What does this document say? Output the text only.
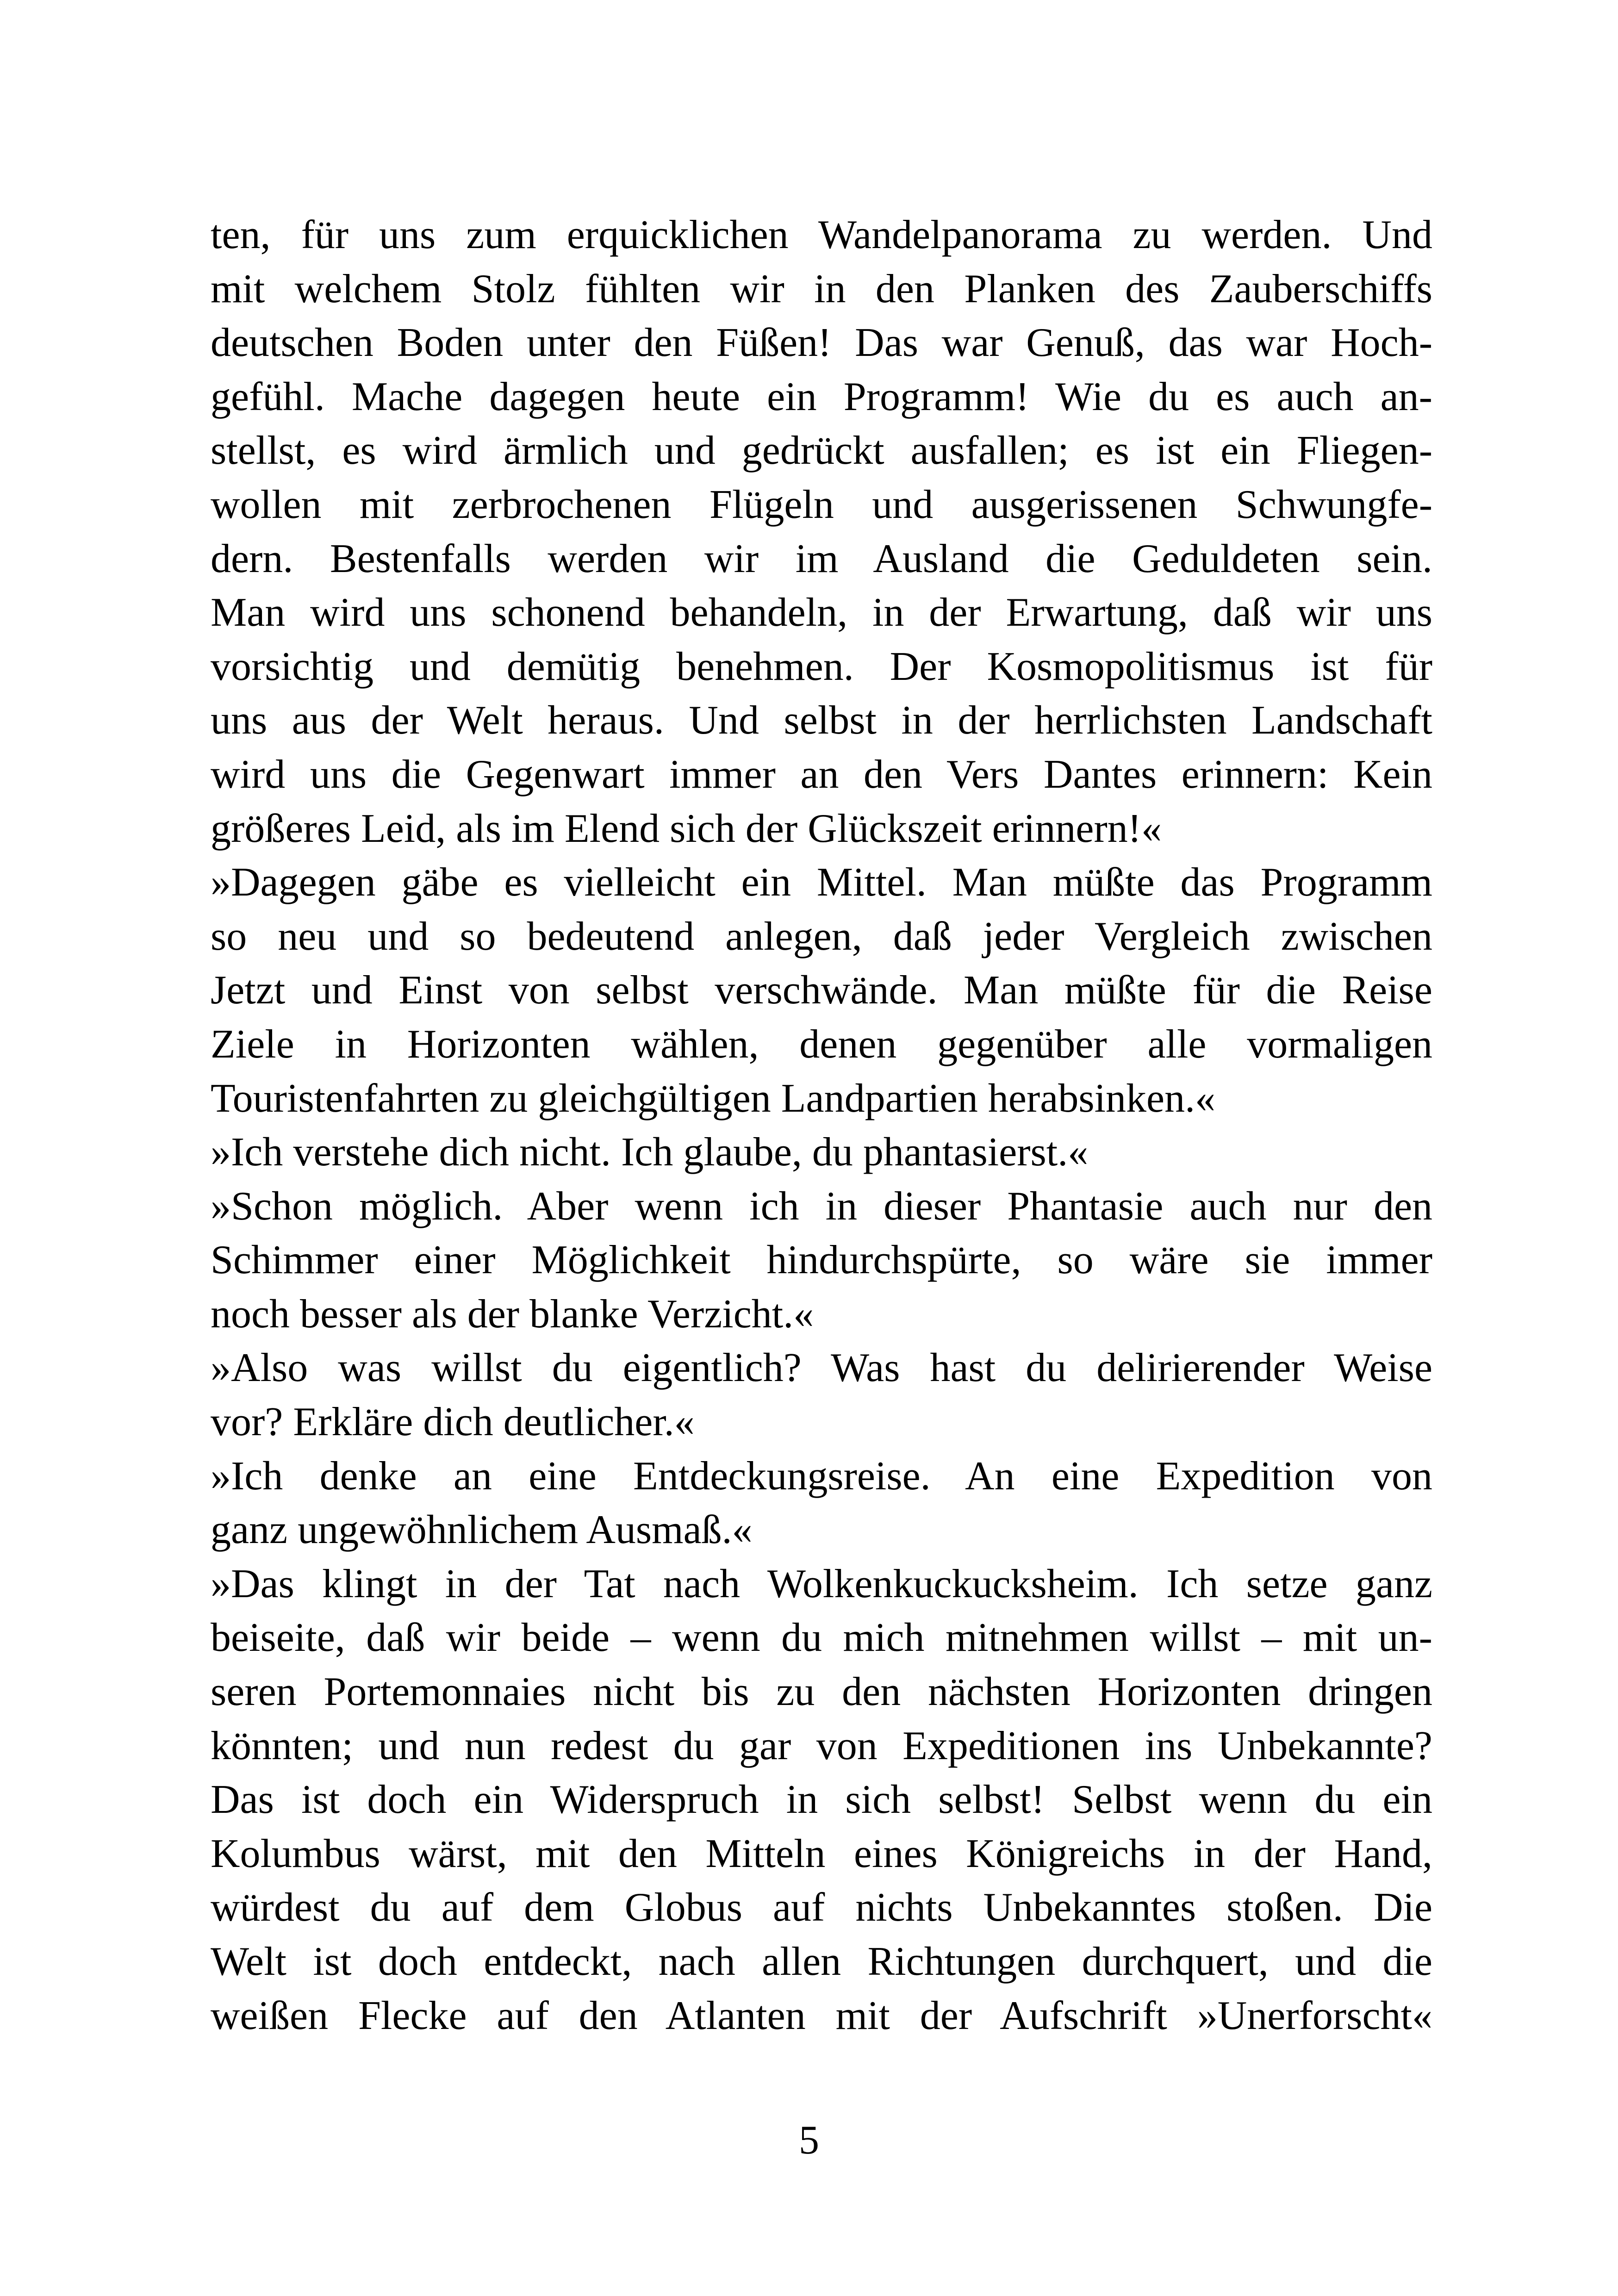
ten, für uns zum erquicklichen Wandelpanorama zu werden. Und
mit welchem Stolz fühlten wir in den Planken des Zauberschiffs
deutschen Boden unter den Füßen! Das war Genuß, das war Hoch-
gefühl. Mache dagegen heute ein Programm! Wie du es auch an-
stellst, es wird ärmlich und gedrückt ausfallen; es ist ein Fliegen-
wollen mit zerbrochenen Flügeln und ausgerissenen Schwungfe-
dern. Bestenfalls werden wir im Ausland die Geduldeten sein.
Man wird uns schonend behandeln, in der Erwartung, daß wir uns
vorsichtig und demütig benehmen. Der Kosmopolitismus ist für
uns aus der Welt heraus. Und selbst in der herrlichsten Landschaft
wird uns die Gegenwart immer an den Vers Dantes erinnern: Kein
größeres Leid, als im Elend sich der Glückszeit erinnern!«
»Dagegen gäbe es vielleicht ein Mittel. Man müßte das Programm
so neu und so bedeutend anlegen, daß jeder Vergleich zwischen
Jetzt und Einst von selbst verschwände. Man müßte für die Reise
Ziele in Horizonten wählen, denen gegenüber alle vormaligen
Touristenfahrten zu gleichgültigen Landpartien herabsinken.«
»Ich verstehe dich nicht. Ich glaube, du phantasierst.«
»Schon möglich. Aber wenn ich in dieser Phantasie auch nur den
Schimmer einer Möglichkeit hindurchspürte, so wäre sie immer
noch besser als der blanke Verzicht.«
»Also was willst du eigentlich? Was hast du delirierender Weise
vor? Erkläre dich deutlicher.«
»Ich denke an eine Entdeckungsreise. An eine Expedition von
ganz ungewöhnlichem Ausmaß.«
»Das klingt in der Tat nach Wolkenkuckucksheim. Ich setze ganz
beiseite, daß wir beide – wenn du mich mitnehmen willst – mit un-
seren Portemonnaies nicht bis zu den nächsten Horizonten dringen
könnten; und nun redest du gar von Expeditionen ins Unbekannte?
Das ist doch ein Widerspruch in sich selbst! Selbst wenn du ein
Kolumbus wärst, mit den Mitteln eines Königreichs in der Hand,
würdest du auf dem Globus auf nichts Unbekanntes stoßen. Die
Welt ist doch entdeckt, nach allen Richtungen durchquert, und die
weißen Flecke auf den Atlanten mit der Aufschrift »Unerforscht«
5
